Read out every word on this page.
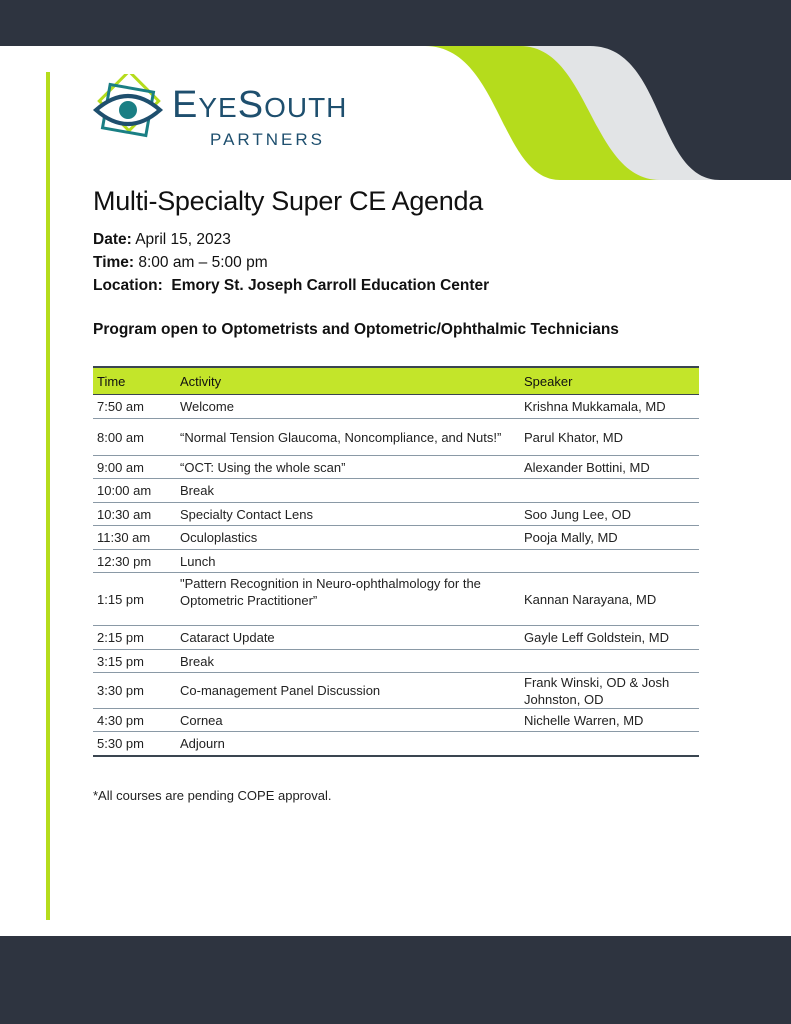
EYESOUTH
PARTNERS
Multi-Specialty Super CE Agenda
Date: April 15, 2023
Time: 8:00 am – 5:00 pm
Location: Emory St. Joseph Carroll Education Center
Program open to Optometrists and Optometric/Ophthalmic Technicians
Time	Activity	Speaker
7:50 am	Welcome	Krishna Mukkamala, MD
8:00 am	“Normal Tension Glaucoma, Noncompliance, and Nuts!”	Parul Khator, MD
9:00 am	“OCT: Using the whole scan”	Alexander Bottini, MD
10:00 am	Break	
10:30 am	Specialty Contact Lens	Soo Jung Lee, OD
11:30 am	Oculoplastics	Pooja Mally, MD
12:30 pm	Lunch	
1:15 pm	"Pattern Recognition in Neuro-ophthalmology for the Optometric Practitioner”	Kannan Narayana, MD
2:15 pm	Cataract Update	Gayle Leff Goldstein, MD
3:15 pm	Break	
3:30 pm	Co-management Panel Discussion	Frank Winski, OD & Josh Johnston, OD
4:30 pm	Cornea	Nichelle Warren, MD
5:30 pm	Adjourn	
*All courses are pending COPE approval.
